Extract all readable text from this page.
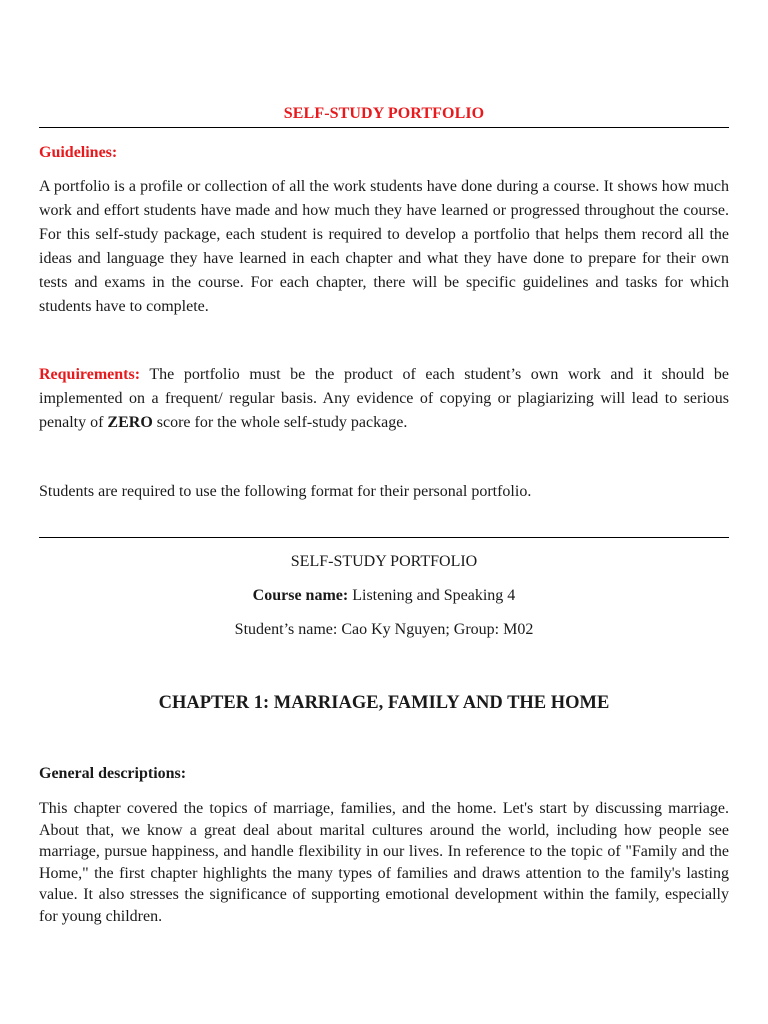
SELF-STUDY PORTFOLIO
Guidelines:
A portfolio is a profile or collection of all the work students have done during a course. It shows how much work and effort students have made and how much they have learned or progressed throughout the course. For this self-study package, each student is required to develop a portfolio that helps them record all the ideas and language they have learned in each chapter and what they have done to prepare for their own tests and exams in the course. For each chapter, there will be specific guidelines and tasks for which students have to complete.
Requirements: The portfolio must be the product of each student’s own work and it should be implemented on a frequent/ regular basis. Any evidence of copying or plagiarizing will lead to serious penalty of ZERO score for the whole self-study package.
Students are required to use the following format for their personal portfolio.
SELF-STUDY PORTFOLIO
Course name: Listening and Speaking 4
Student’s name: Cao Ky Nguyen; Group: M02
CHAPTER 1: MARRIAGE, FAMILY AND THE HOME
General descriptions:
This chapter covered the topics of marriage, families, and the home. Let's start by discussing marriage. About that, we know a great deal about marital cultures around the world, including how people see marriage, pursue happiness, and handle flexibility in our lives. In reference to the topic of "Family and the Home," the first chapter highlights the many types of families and draws attention to the family's lasting value. It also stresses the significance of supporting emotional development within the family, especially for young children.
